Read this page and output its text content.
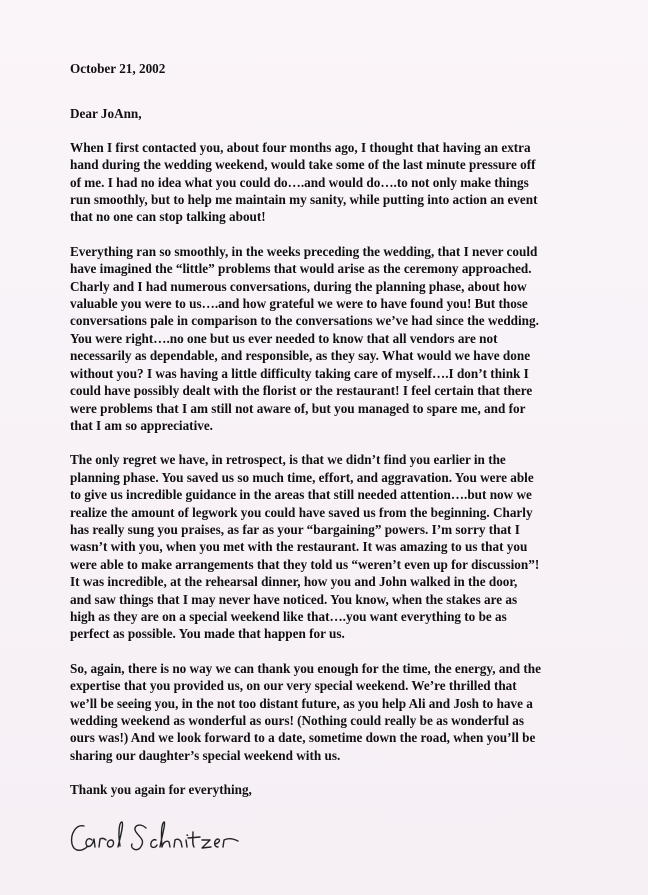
October 21, 2002

Dear JoAnn,

When I first contacted you, about four months ago, I thought that having an extra
hand during the wedding weekend, would take some of the last minute pressure off
of me. I had no idea what you could do….and would do….to not only make things
run smoothly, but to help me maintain my sanity, while putting into action an event
that no one can stop talking about!

Everything ran so smoothly, in the weeks preceding the wedding, that I never could
have imagined the “little” problems that would arise as the ceremony approached.
Charly and I had numerous conversations, during the planning phase, about how
valuable you were to us….and how grateful we were to have found you! But those
conversations pale in comparison to the conversations we’ve had since the wedding.
You were right….no one but us ever needed to know that all vendors are not
necessarily as dependable, and responsible, as they say. What would we have done
without you? I was having a little difficulty taking care of myself….I don’t think I
could have possibly dealt with the florist or the restaurant! I feel certain that there
were problems that I am still not aware of, but you managed to spare me, and for
that I am so appreciative.

The only regret we have, in retrospect, is that we didn’t find you earlier in the
planning phase. You saved us so much time, effort, and aggravation. You were able
to give us incredible guidance in the areas that still needed attention….but now we
realize the amount of legwork you could have saved us from the beginning. Charly
has really sung you praises, as far as your “bargaining” powers. I’m sorry that I
wasn’t with you, when you met with the restaurant. It was amazing to us that you
were able to make arrangements that they told us “weren’t even up for discussion”!
It was incredible, at the rehearsal dinner, how you and John walked in the door,
and saw things that I may never have noticed. You know, when the stakes are as
high as they are on a special weekend like that….you want everything to be as
perfect as possible. You made that happen for us.

So, again, there is no way we can thank you enough for the time, the energy, and the
expertise that you provided us, on our very special weekend. We’re thrilled that
we’ll be seeing you, in the not too distant future, as you help Ali and Josh to have a
wedding weekend as wonderful as ours! (Nothing could really be as wonderful as
ours was!) And we look forward to a date, sometime down the road, when you’ll be
sharing our daughter’s special weekend with us.

Thank you again for everything,
